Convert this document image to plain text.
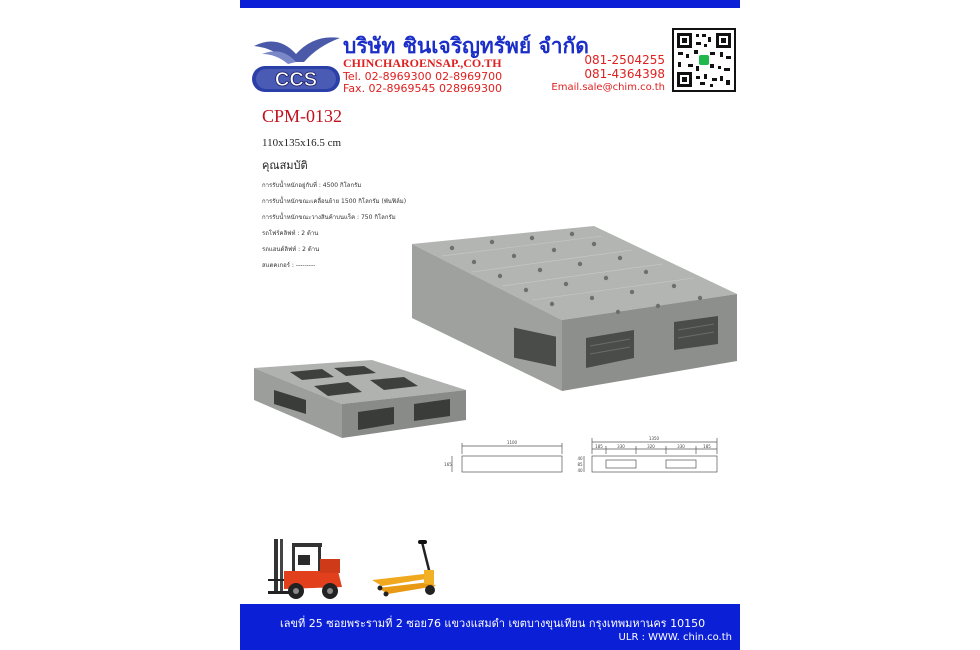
CCS
บริษัท ชินเจริญทรัพย์ จำกัด
CHINCHAROENSAP.,CO.TH
Tel. 02-8969300 02-8969700
Fax. 02-8969545 028969300
081-2504255
081-4364398
Email.sale@chim.co.th
CPM-0132
110x135x16.5 cm
คุณสมบัติ
การรับน้ำหนักอยู่กับที่ : 4500 กิโลกรัม
การรับน้ำหนักขณะเคลื่อนย้าย 1500 กิโลกรัม (พันฟิล์ม)
การรับน้ำหนักขณะวางสินค้าบนแร็ค : 750 กิโลกรัม
รถโฟร์คลิฟท์ : 2 ด้าน
รถแฮนด์ลิฟท์ : 2 ด้าน
สแตคเกอร์ : ---------
1100
165
1350
185	330	320	330	185
40
85
40
เลขที่ 25 ซอยพระรามที่ 2 ซอย76 แขวงแสมดำ เขตบางขุนเทียน กรุงเทพมหานคร 10150
ULR : WWW. chin.co.th
